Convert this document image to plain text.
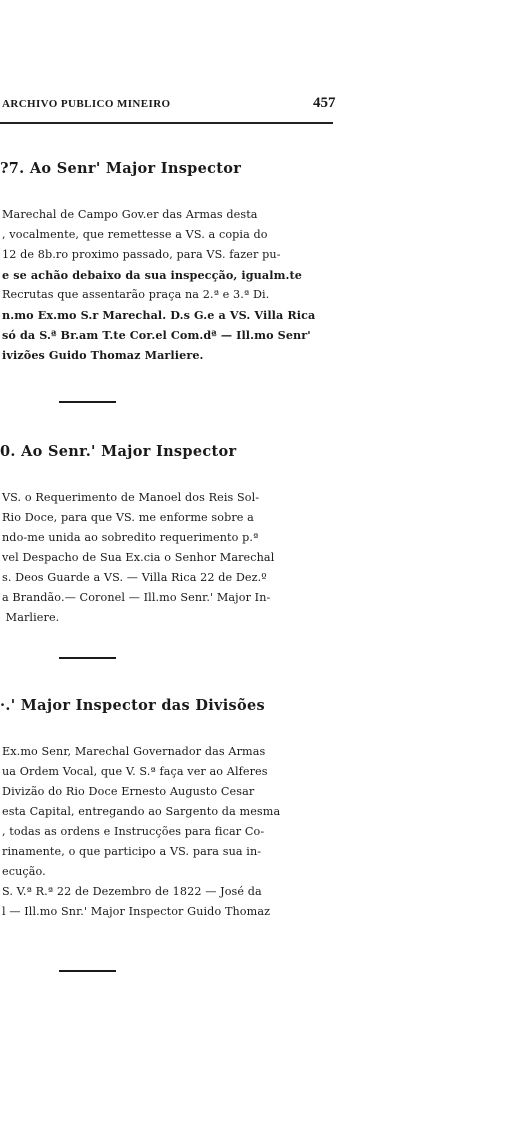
ARCHIVO PUBLICO MINEIRO	457
?7. Ao Senr' Major Inspector
Marechal de Campo Gov.er das Armas desta
, vocalmente, que remettesse a VS. a copia do
12 de 8b.ro proximo passado, para VS. fazer pu-
e se achão debaixo da sua inspecção, igualm.te
Recrutas que assentarão praça na 2.ª e 3.ª Di.
n.mo Ex.mo S.r Marechal. D.s G.e a VS. Villa Rica
só da S.ª Br.am T.te Cor.el Com.dª — Ill.mo Senr'
ivizões Guido Thomaz Marliere.
0. Ao Senr.' Major Inspector
VS. o Requerimento de Manoel dos Reis Sol-
Rio Doce, para que VS. me enforme sobre a
ndo-me unida ao sobredito requerimento p.ª
vel Despacho de Sua Ex.cia o Senhor Marechal
s. Deos Guarde a VS. — Villa Rica 22 de Dez.º
a Brandão.— Coronel — Ill.mo Senr.' Major In-
Marliere.
·.' Major Inspector das Divisões
Ex.mo Senr, Marechal Governador das Armas
ua Ordem Vocal, que V. S.ª faça ver ao Alferes
Divizão do Rio Doce Ernesto Augusto Cesar
esta Capital, entregando ao Sargento da mesma
, todas as ordens e Instrucções para ficar Co-
rinamente, o que participo a VS. para sua in-
ecução.
S. V.ª R.ª 22 de Dezembro de 1822 — José da
l — Ill.mo Snr.' Major Inspector Guido Thomaz
